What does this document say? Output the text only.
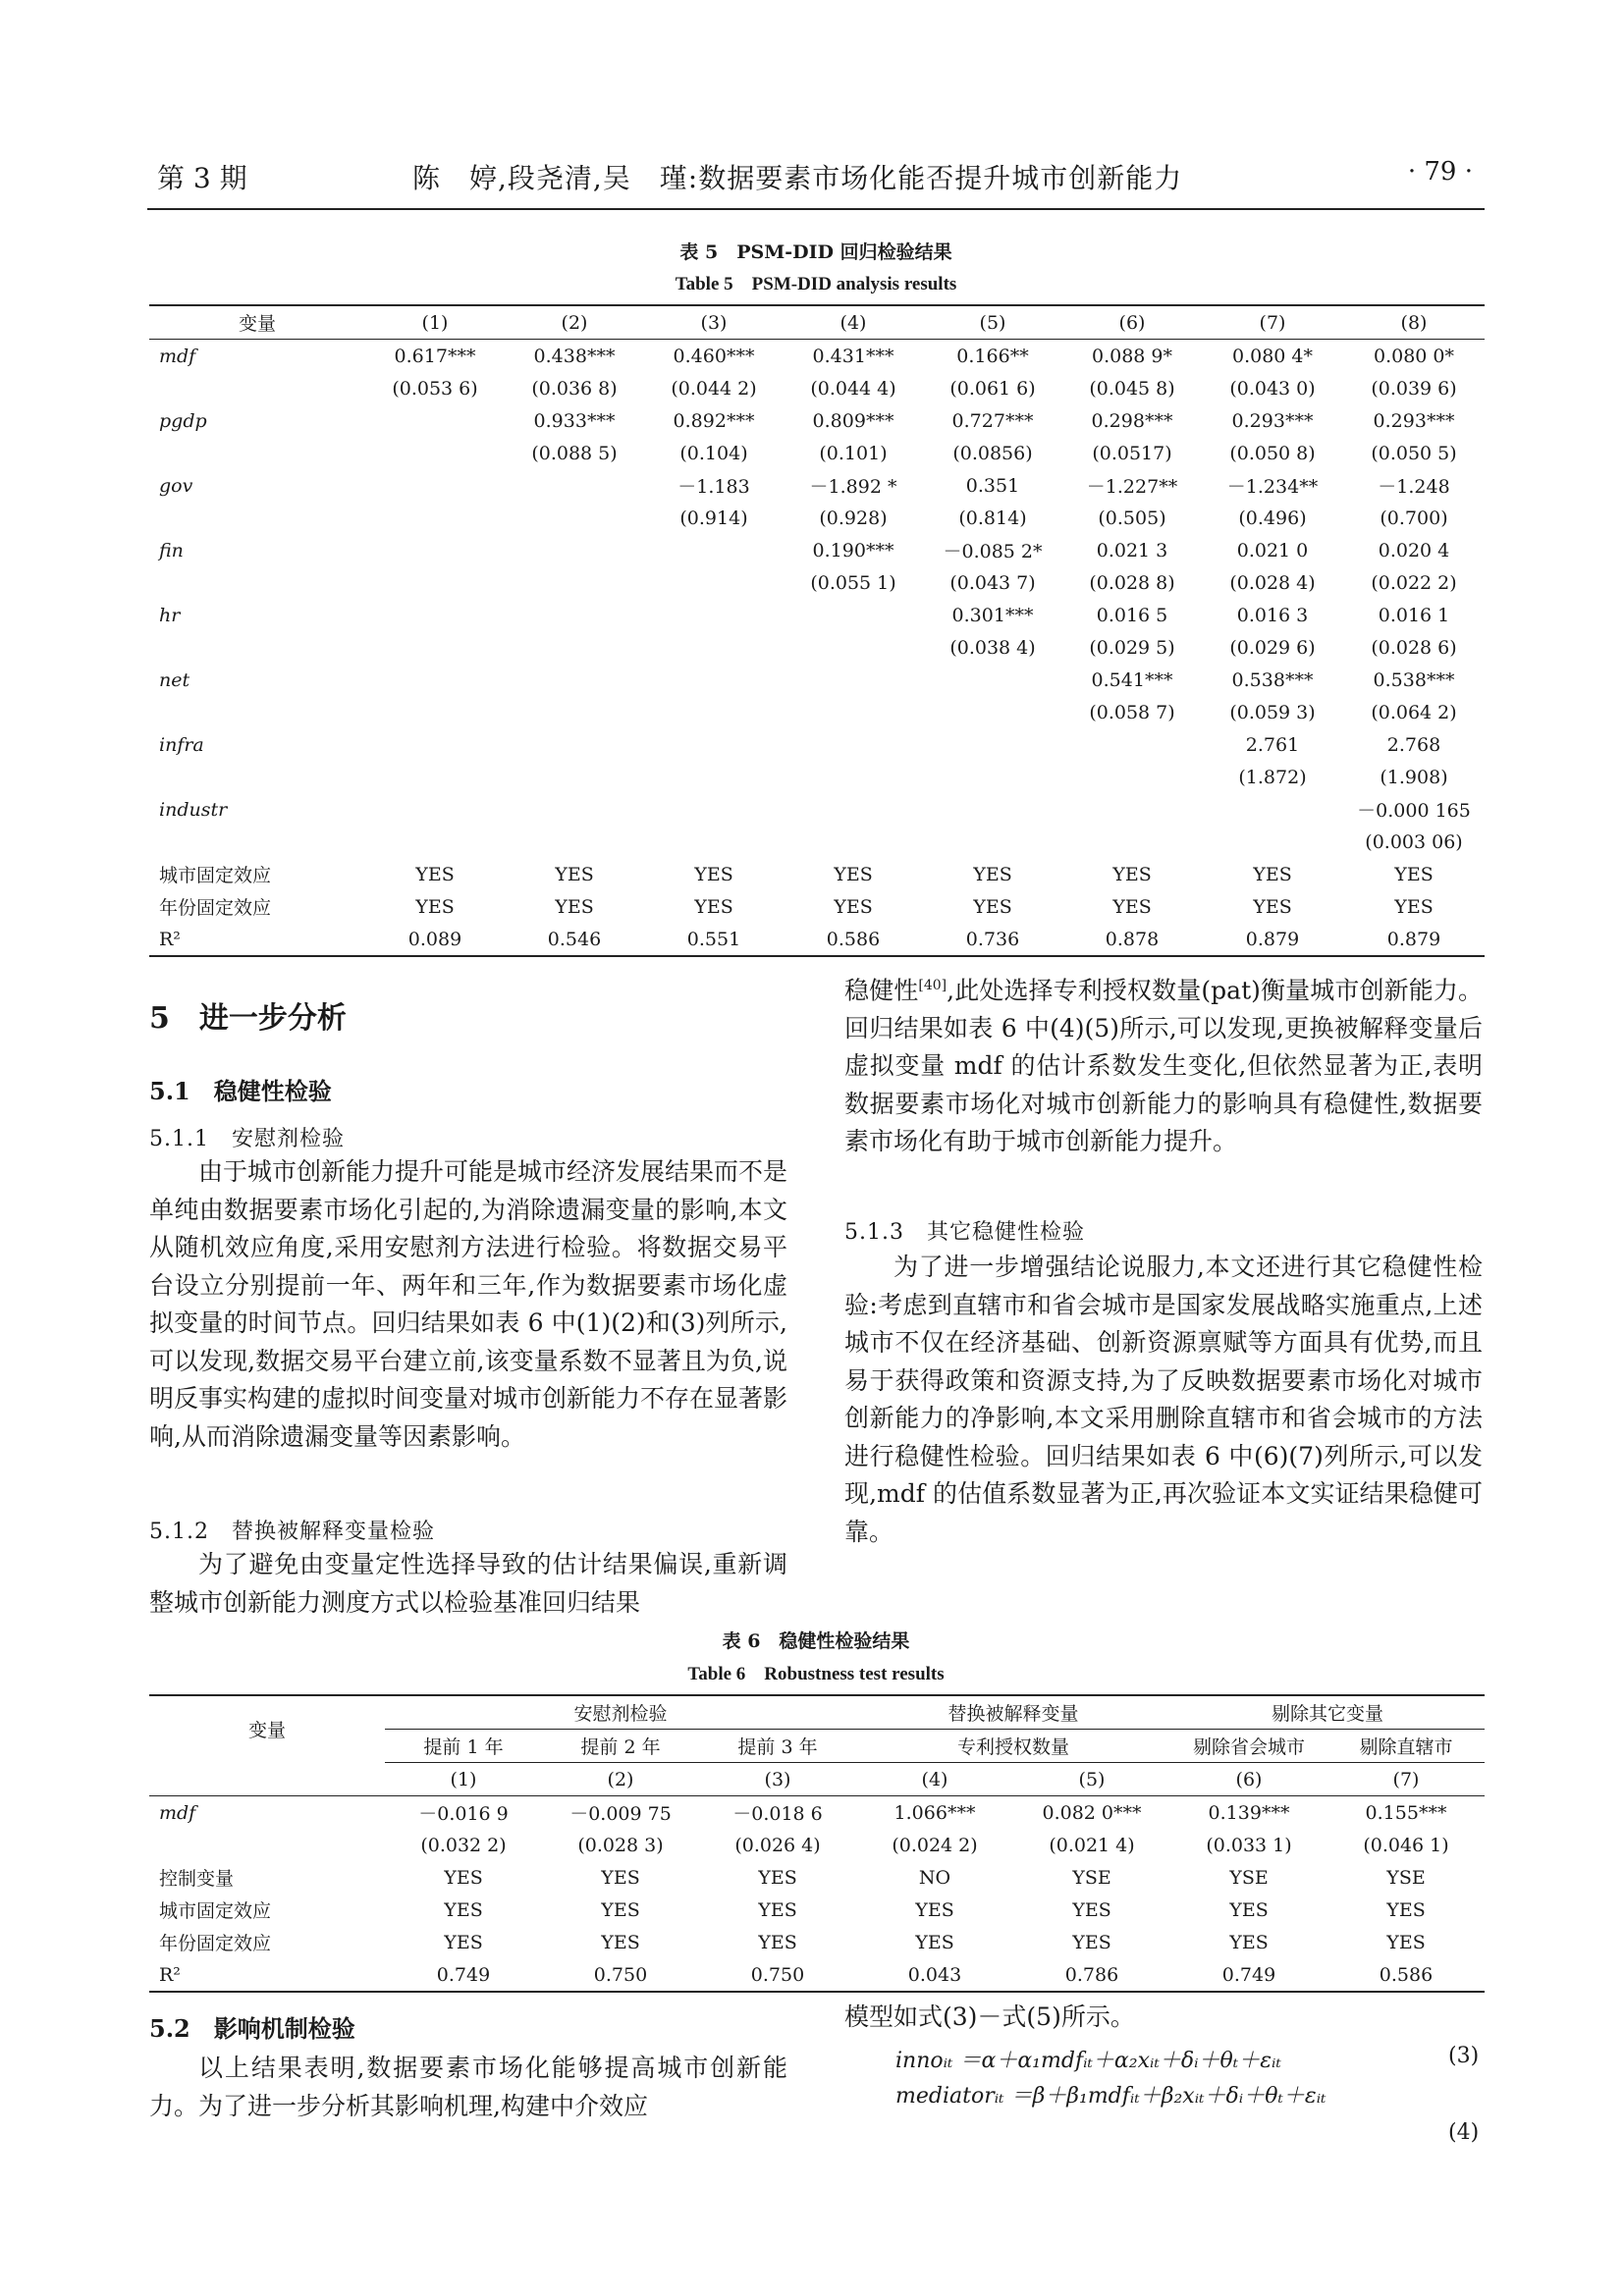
第 3 期	陈　婷,段尧清,吴　瑾:数据要素市场化能否提升城市创新能力	· 79 ·
表 5　PSM-DID 回归检验结果
Table 5　PSM-DID analysis results
变量	(1)	(2)	(3)	(4)	(5)	(6)	(7)	(8)
mdf	0.617***	0.438***	0.460***	0.431***	0.166**	0.088 9*	0.080 4*	0.080 0*
	(0.053 6)	(0.036 8)	(0.044 2)	(0.044 4)	(0.061 6)	(0.045 8)	(0.043 0)	(0.039 6)
pgdp		0.933***	0.892***	0.809***	0.727***	0.298***	0.293***	0.293***
		(0.088 5)	(0.104)	(0.101)	(0.0856)	(0.0517)	(0.050 8)	(0.050 5)
gov			－1.183	－1.892 *	0.351	－1.227**	－1.234**	－1.248
			(0.914)	(0.928)	(0.814)	(0.505)	(0.496)	(0.700)
fin				0.190***	－0.085 2*	0.021 3	0.021 0	0.020 4
				(0.055 1)	(0.043 7)	(0.028 8)	(0.028 4)	(0.022 2)
hr					0.301***	0.016 5	0.016 3	0.016 1
					(0.038 4)	(0.029 5)	(0.029 6)	(0.028 6)
net						0.541***	0.538***	0.538***
						(0.058 7)	(0.059 3)	(0.064 2)
infra							2.761	2.768
							(1.872)	(1.908)
industr								－0.000 165
								(0.003 06)
城市固定效应	YES	YES	YES	YES	YES	YES	YES	YES
年份固定效应	YES	YES	YES	YES	YES	YES	YES	YES
R²	0.089	0.546	0.551	0.586	0.736	0.878	0.879	0.879
5　进一步分析
5.1　稳健性检验
5.1.1　安慰剂检验
由于城市创新能力提升可能是城市经济发展结果而不是单纯由数据要素市场化引起的,为消除遗漏变量的影响,本文从随机效应角度,采用安慰剂方法进行检验。将数据交易平台设立分别提前一年、两年和三年,作为数据要素市场化虚拟变量的时间节点。回归结果如表 6 中(1)(2)和(3)列所示,可以发现,数据交易平台建立前,该变量系数不显著且为负,说明反事实构建的虚拟时间变量对城市创新能力不存在显著影响,从而消除遗漏变量等因素影响。
5.1.2　替换被解释变量检验
为了避免由变量定性选择导致的估计结果偏误,重新调整城市创新能力测度方式以检验基准回归结果
稳健性[40],此处选择专利授权数量(pat)衡量城市创新能力。回归结果如表 6 中(4)(5)所示,可以发现,更换被解释变量后虚拟变量 mdf 的估计系数发生变化,但依然显著为正,表明数据要素市场化对城市创新能力的影响具有稳健性,数据要素市场化有助于城市创新能力提升。
5.1.3　其它稳健性检验
为了进一步增强结论说服力,本文还进行其它稳健性检验:考虑到直辖市和省会城市是国家发展战略实施重点,上述城市不仅在经济基础、创新资源禀赋等方面具有优势,而且易于获得政策和资源支持,为了反映数据要素市场化对城市创新能力的净影响,本文采用删除直辖市和省会城市的方法进行稳健性检验。回归结果如表 6 中(6)(7)列所示,可以发现,mdf 的估值系数显著为正,再次验证本文实证结果稳健可靠。
表 6　稳健性检验结果
Table 6　Robustness test results
变量	安慰剂检验			替换被解释变量		剔除其它变量	
	提前 1 年	提前 2 年	提前 3 年	专利授权数量		剔除省会城市	剔除直辖市
	(1)	(2)	(3)	(4)	(5)	(6)	(7)
mdf	－0.016 9	－0.009 75	－0.018 6	1.066***	0.082 0***	0.139***	0.155***
	(0.032 2)	(0.028 3)	(0.026 4)	(0.024 2)	(0.021 4)	(0.033 1)	(0.046 1)
控制变量	YES	YES	YES	NO	YSE	YSE	YSE
城市固定效应	YES	YES	YES	YES	YES	YES	YES
年份固定效应	YES	YES	YES	YES	YES	YES	YES
R²	0.749	0.750	0.750	0.043	0.786	0.749	0.586
5.2　影响机制检验
以上结果表明,数据要素市场化能够提高城市创新能力。为了进一步分析其影响机理,构建中介效应
模型如式(3)－式(5)所示。
innoᵢₜ ＝α＋α₁mdfᵢₜ＋α₂xᵢₜ＋δᵢ＋θₜ＋εᵢₜ	(3)
mediatorᵢₜ ＝β＋β₁mdfᵢₜ＋β₂xᵢₜ＋δᵢ＋θₜ＋εᵢₜ
(4)
